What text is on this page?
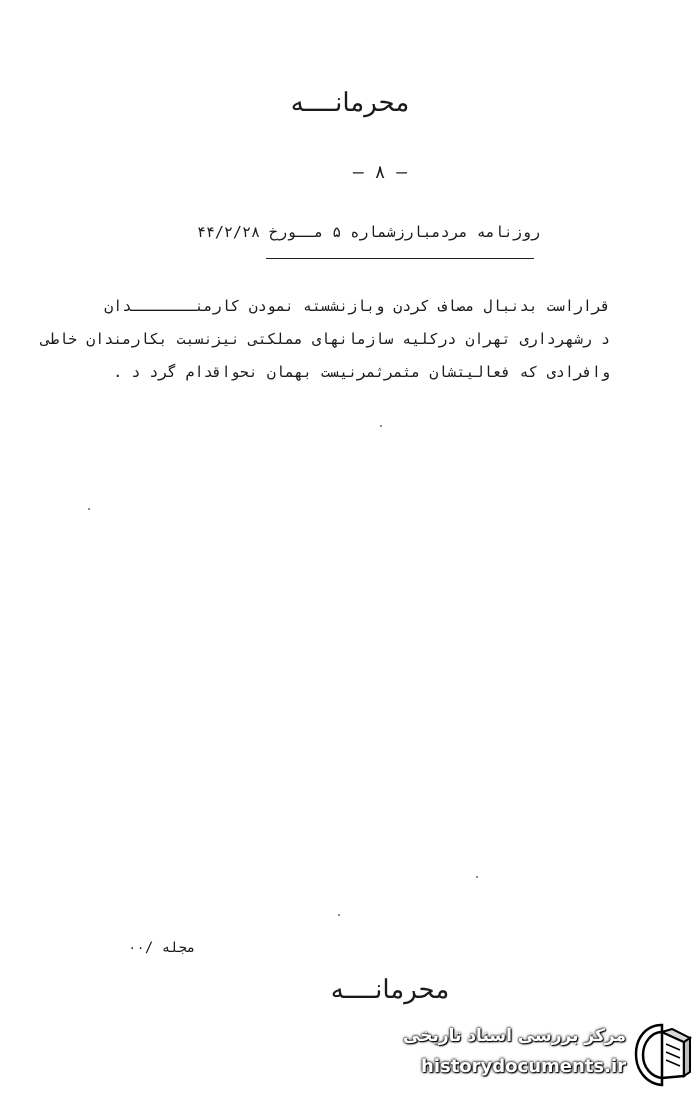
محرمانــــه
— ۸ —
روزنامه مردمبارزشماره ۵ مــورخ ۴۴/۲/۲۸
قراراست بدنبال مصاف کردن وبازنشسته نمودن کارمنـــــــدان
د رشهرداری تهران درکلیه سازمانهای مملکتی نیزنسبت بکارمندان خاطی
وافرادی که فعالیتشان مثمرثمرنیست بهمان نحواقدام گرد د .
مجله /۰۰
محرمانــــه
مرکز بررسی اسناد تاریخی
historydocuments.ir
